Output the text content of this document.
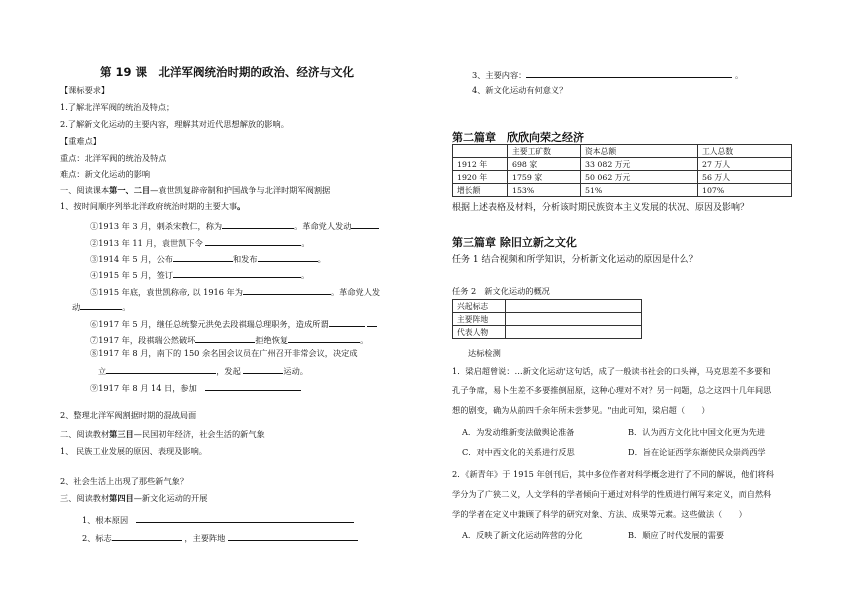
第 19 课　北洋军阀统治时期的政治、经济与文化
【课标要求】
1.了解北洋军阀的统治及特点；
2.了解新文化运动的主要内容，理解其对近代思想解放的影响。
【重难点】
重点：北洋军阀的统治及特点
难点：新文化运动的影响
一、阅读课本第一、二目—袁世凯复辟帝制和护国战争与北洋时期军阀割据
1、按时间顺序列举北洋政府统治时期的主要大事。
①1913 年 3 月，刺杀宋教仁，称为	。革命党人发动
②1913 年 11 月，袁世凯下令	。
③1914 年 5 月，公布	和发布	。
④1915 年 5 月，签订	。
⑤1915 年底，袁世凯称帝, 以 1916 年为	。革命党人发
动	。
⑥1917 年 5 月，继任总统黎元洪免去段祺瑞总理职务，造成所谓
⑦1917 年，段祺瑞公然破坏	拒绝恢复	。
⑧1917 年 8 月，南下的 150 余名国会议员在广州召开非常会议，决定成
立	，发起	运动。
⑨1917 年 8 月 14 日，参加　
2、整理北洋军阀割据时期的混战局面
二、阅读教材第三目—民国初年经济，社会生活的新气象
1、 民族工业发展的原因、表现及影响。
2、社会生活上出现了那些新气象？
三、阅读教材第四目—新文化运动的开展
1、根本原因　
2、标志	，主要阵地
3、主要内容：	。
4、新文化运动有何意义？
第二篇章　欣欣向荣之经济
	主要工矿数	资本总额	工人总数
1912 年	698 家	33 082 万元	27 万人
1920 年	1759 家	50 062 万元	56 万人
增长额	153%	51%	107%
根据上述表格及材料，分析该时期民族资本主义发展的状况、原因及影响？
第三篇章 除旧立新之文化
任务 1 结合视频和所学知识，分析新文化运动的原因是什么？
任务 2　新文化运动的概况
兴起标志	
主要阵地	
代表人物	
达标检测
1．梁启超曾说：…新文化运动'这句话，成了一般读书社会的口头禅，马克思差不多要和
孔子争席，易卜生差不多要推倒屈原，这种心理对不对？另一问题，总之这四十几年间思
想的剧变，确为从前四千余年所未尝梦见。"由此可知，梁启超（　　）
A．为发动维新变法做舆论准备	B．认为西方文化比中国文化更为先进
C．对中西文化的关系进行反思	D．旨在论证西学东渐使民众崇尚西学
2．《新青年》于 1915 年创刊后，其中多位作者对科学概念进行了不同的解说，他们将科
学分为了广狭二义，人文学科的学者倾向于通过对科学的性质进行阐写来定义，而自然科
学的学者在定义中兼顾了科学的研究对象、方法、成果等元素。这些做法（　　）
A．反映了新文化运动阵营的分化	B．顺应了时代发展的需要
